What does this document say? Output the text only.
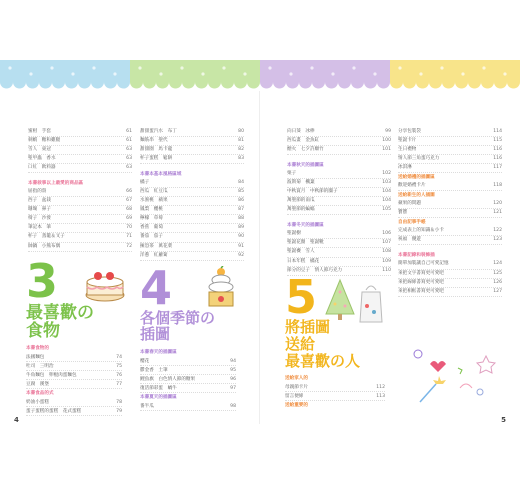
蜜柑　手套	61
刺蝟　糖和雞腿	61
雪人　東冠	63
聖甲蟲　香水	63
口紅　飲料器	63
本書敘事以上最愛的商品區
屈指的殼	66
西子　盆栽	67
珊瑚　鼻子	68
椅子　沙發	69
筆記本　筆	70
杯子　蒸籠＆叉子	71
帥鍋　小熊布偶	72
甜甜蛋汽水　布丁	80
麵筋串　聖代	81
甜甜圈　馬卡龍	82
杯子蛋糕　鬆餅	83
本書本基本風格區域
橘子	84
西瓜　紅豆瓜	85
水蜜桃　蘋果	86
鳳梨　櫻桃	87
檸檬　草莓	88
香蕉　葡萄	89
番茄　茄子	90
擁恐茶　萬花菜	91
洋蔥　紅蘿蔔	92
向日葵　冰棒	99
西瓜畫　金魚缸	100
煙火　七夕許願竹	101
本書秋天的插圖區
栗子	102
波斯菊　楓葉	103
中秋賞月　中秋節的團子	104
萬聖節的南瓜	104
萬聖節的蝙蝠	105
本書冬天的插圖區
聖誕樹	106
聖誕花圈　聖誕靴	107
聖誕襪　雪人	108
日本年糕　橘花	109
節分的豆子　情人節巧克力	110
分享包裝袋	114
聖誕卡片	115
生日禮物	116
情人節三角蛋巧克力	116
冰淇淋	117
送給婚禮的插圖區
歡迎婚禮卡片	118
送給新生的人插圖
蘋果的問題	120
寶寶	121
自由記事手帳
完成表上的知識＆小卡	122
祝福　優遊	123
本書記錄和裝飾插
簡單加裝讓自己可愛記憶	124
來把文字書寫更可愛吧	125
來把線條書寫更可愛吧	126
來把相框書寫更可愛吧	127
3
最喜歡の
食物
本書食物的
法國麵包	74
吐司　三明治	75
牛角麵包　卵棍肉蛋麵包	76
豆腐　漢堡	77
本書食品的式
奶油小蛋糕	78
蛋子蛋糕的蛋糕　花式蛋糕	79
4
各個季節の
插圖
本書春天的插圖區
櫻花	94
鬱金香　土筆	95
鯉魚旗　白色情人節的糖果	96
復活節彩蛋　蝸牛	97
本書夏天的插圖區
番半瓜	98
5
將插圖
送給
最喜歡の人
送給家人的
母親節卡片	112
留言便條	113
送給重要的
4	5
